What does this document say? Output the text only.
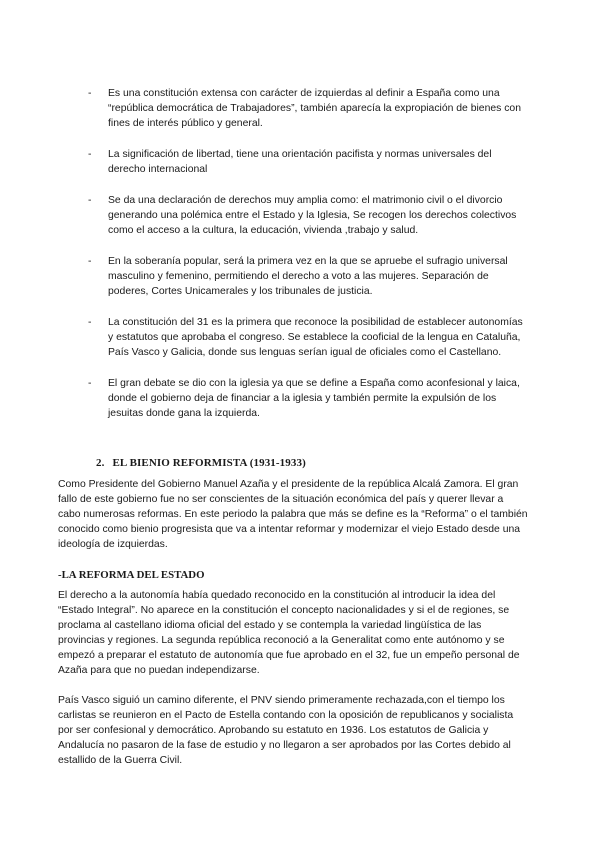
- Es una constitución extensa con carácter de izquierdas al definir a España como una “república democrática de Trabajadores”, también aparecía la expropiación de bienes con fines de interés público y general.

- La significación de libertad, tiene una orientación pacifista y normas universales del derecho internacional

- Se da una declaración de derechos muy amplia como: el matrimonio civil o el divorcio generando una polémica entre el Estado y la Iglesia, Se recogen los derechos colectivos como el acceso a la cultura, la educación, vivienda ,trabajo y salud.

- En la soberanía popular, será la primera vez en la que se apruebe el sufragio universal masculino y femenino, permitiendo el derecho a voto a las mujeres. Separación de poderes, Cortes Unicamerales y los tribunales de justicia.

- La constitución del 31 es la primera que reconoce la posibilidad de establecer autonomías y estatutos que aprobaba el congreso. Se establece la cooficial de la lengua en Cataluña, País Vasco y Galicia, donde sus lenguas serían igual de oficiales como el Castellano.

- El gran debate se dio con la iglesia ya que se define a España como aconfesional y laica, donde el gobierno deja de financiar a la iglesia y también permite la expulsión de los jesuitas donde gana la izquierda.

2. EL BIENIO REFORMISTA (1931-1933)

Como Presidente del Gobierno Manuel Azaña y el presidente de la república Alcalá Zamora. El gran fallo de este gobierno fue no ser conscientes de la situación económica del país y querer llevar a cabo numerosas reformas. En este periodo la palabra que más se define es la “Reforma” o el también conocido como bienio progresista que va a intentar reformar y modernizar el viejo Estado desde una ideología de izquierdas.

-LA REFORMA DEL ESTADO

El derecho a la autonomía había quedado reconocido en la constitución al introducir la idea del “Estado Integral”. No aparece en la constitución el concepto nacionalidades y si el de regiones, se proclama al castellano idioma oficial del estado y se contempla la variedad lingüística de las provincias y regiones. La segunda república reconoció a la Generalitat como ente autónomo y se empezó a preparar el estatuto de autonomía que fue aprobado en el 32, fue un empeño personal de Azaña para que no puedan independizarse.

País Vasco siguió un camino diferente, el PNV siendo primeramente rechazada,con el tiempo los carlistas se reunieron en el Pacto de Estella contando con la oposición de republicanos y socialista por ser confesional y democrático. Aprobando su estatuto en 1936. Los estatutos de Galicia y Andalucía no pasaron de la fase de estudio y no llegaron a ser aprobados por las Cortes debido al estallido de la Guerra Civil.
